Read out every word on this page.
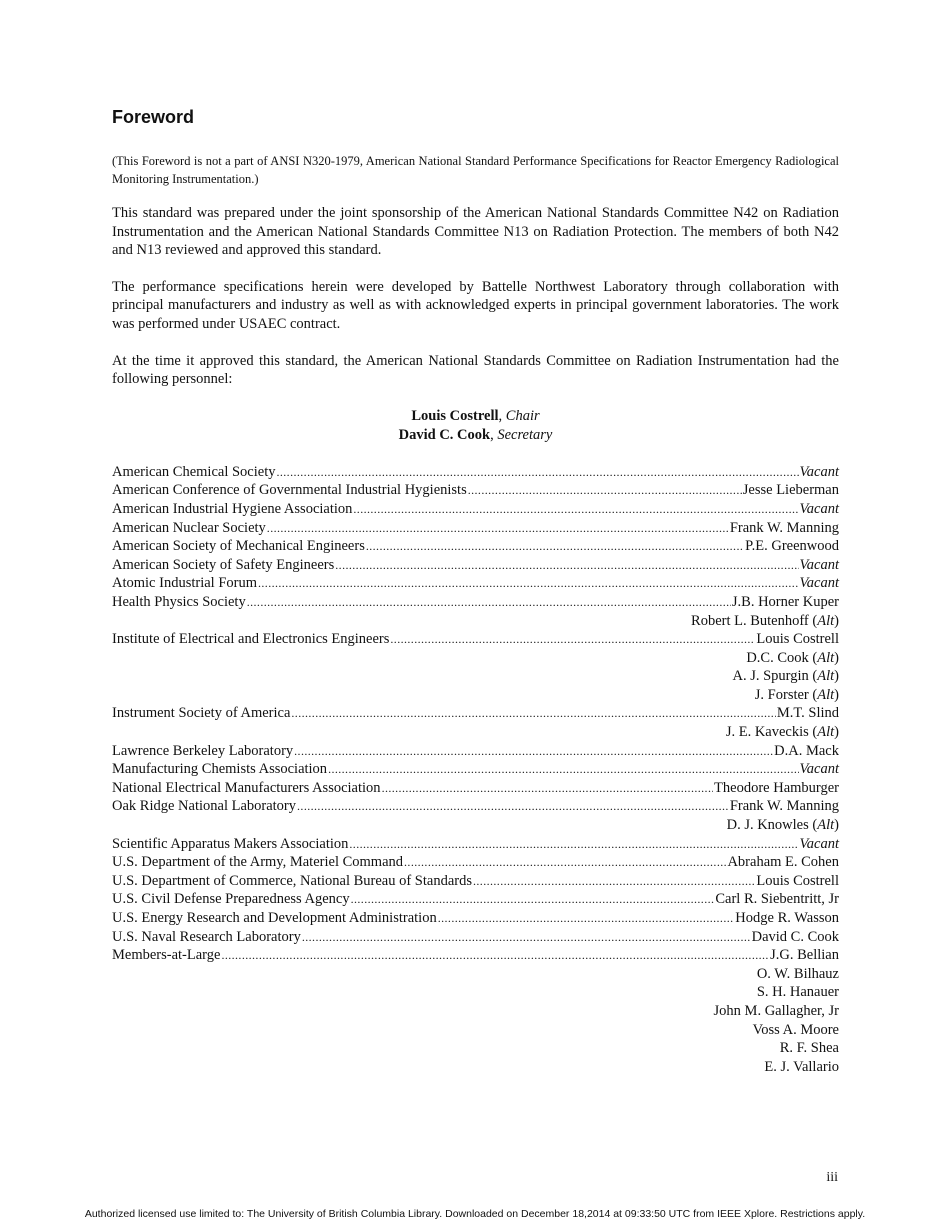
Foreword

(This Foreword is not a part of ANSI N320-1979, American National Standard Performance Specifications for Reactor Emergency Radiological Monitoring Instrumentation.)

This standard was prepared under the joint sponsorship of the American National Standards Committee N42 on Radiation Instrumentation and the American National Standards Committee N13 on Radiation Protection. The members of both N42 and N13 reviewed and approved this standard.

The performance specifications herein were developed by Battelle Northwest Laboratory through collaboration with principal manufacturers and industry as well as with acknowledged experts in principal government laboratories. The work was performed under USAEC contract.

At the time it approved this standard, the American National Standards Committee on Radiation Instrumentation had the following personnel:

Louis Costrell, Chair
David C. Cook, Secretary
American Chemical Society .....	Vacant
American Conference of Governmental Industrial Hygienists .....	Jesse Lieberman
American Industrial Hygiene Association .....	Vacant
American Nuclear Society .....	Frank W. Manning
American Society of Mechanical Engineers .....	P.E. Greenwood
American Society of Safety Engineers .....	Vacant
Atomic Industrial Forum .....	Vacant
Health Physics Society .....	J.B. Horner Kuper
Robert L. Butenhoff (Alt)
Institute of Electrical and Electronics Engineers .....	Louis Costrell
D.C. Cook (Alt)
A. J. Spurgin (Alt)
J. Forster (Alt)
Instrument Society of America .....	M.T. Slind
J. E. Kaveckis (Alt)
Lawrence Berkeley Laboratory .....	D.A. Mack
Manufacturing Chemists Association .....	Vacant
National Electrical Manufacturers Association .....	Theodore Hamburger
Oak Ridge National Laboratory .....	Frank W. Manning
D. J. Knowles (Alt)
Scientific Apparatus Makers Association .....	Vacant
U.S. Department of the Army, Materiel Command .....	Abraham E. Cohen
U.S. Department of Commerce, National Bureau of Standards .....	Louis Costrell
U.S. Civil Defense Preparedness Agency .....	Carl R. Siebentritt, Jr
U.S. Energy Research and Development Administration .....	Hodge R. Wasson
U.S. Naval Research Laboratory .....	David C. Cook
Members-at-Large .....	J.G. Bellian
O. W. Bilhauz
S. H. Hanauer
John M. Gallagher, Jr
Voss A. Moore
R. F. Shea
E. J. Vallario
iii
Authorized licensed use limited to: The University of British Columbia Library. Downloaded on December 18,2014 at 09:33:50 UTC from IEEE Xplore. Restrictions apply.
